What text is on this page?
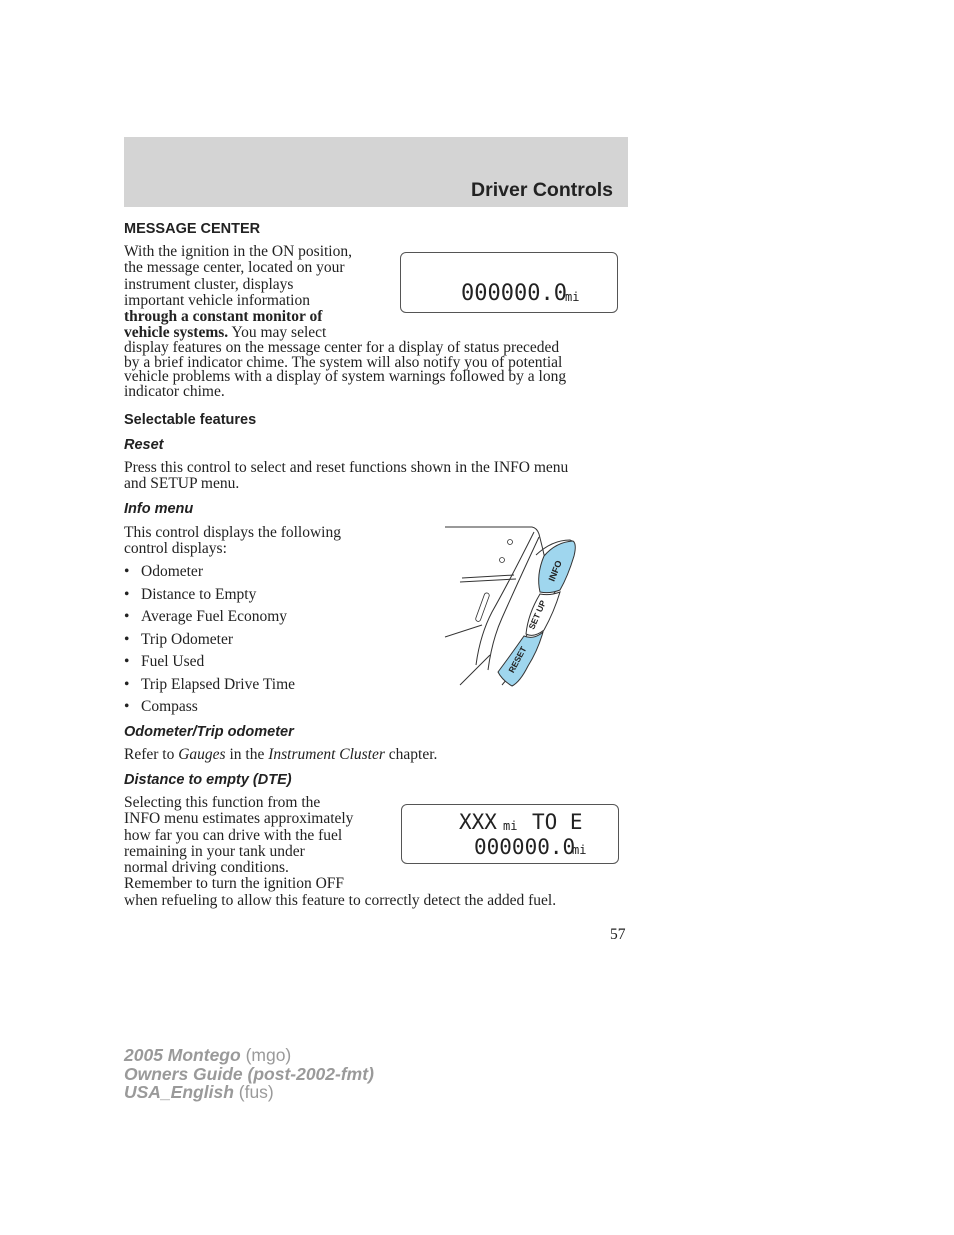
Driver Controls
MESSAGE CENTER
With the ignition in the ON position,
the message center, located on your
instrument cluster, displays
important vehicle information
through a constant monitor of
vehicle systems. You may select
display features on the message center for a display of status preceded
by a brief indicator chime. The system will also notify you of potential
vehicle problems with a display of system warnings followed by a long
indicator chime.
000000.0
mi
Selectable features
Reset
Press this control to select and reset functions shown in the INFO menu
and SETUP menu.
Info menu
This control displays the following
control displays:
• Odometer
• Distance to Empty
• Average Fuel Economy
• Trip Odometer
• Fuel Used
• Trip Elapsed Drive Time
• Compass
INFO
SET UP
RESET
Odometer/Trip odometer
Refer to Gauges in the Instrument Cluster chapter.
Distance to empty (DTE)
Selecting this function from the
INFO menu estimates approximately
how far you can drive with the fuel
remaining in your tank under
normal driving conditions.
Remember to turn the ignition OFF
when refueling to allow this feature to correctly detect the added fuel.
XXX mi TO E
000000.0
mi
57
2005 Montego (mgo)
Owners Guide (post-2002-fmt)
USA_English (fus)
